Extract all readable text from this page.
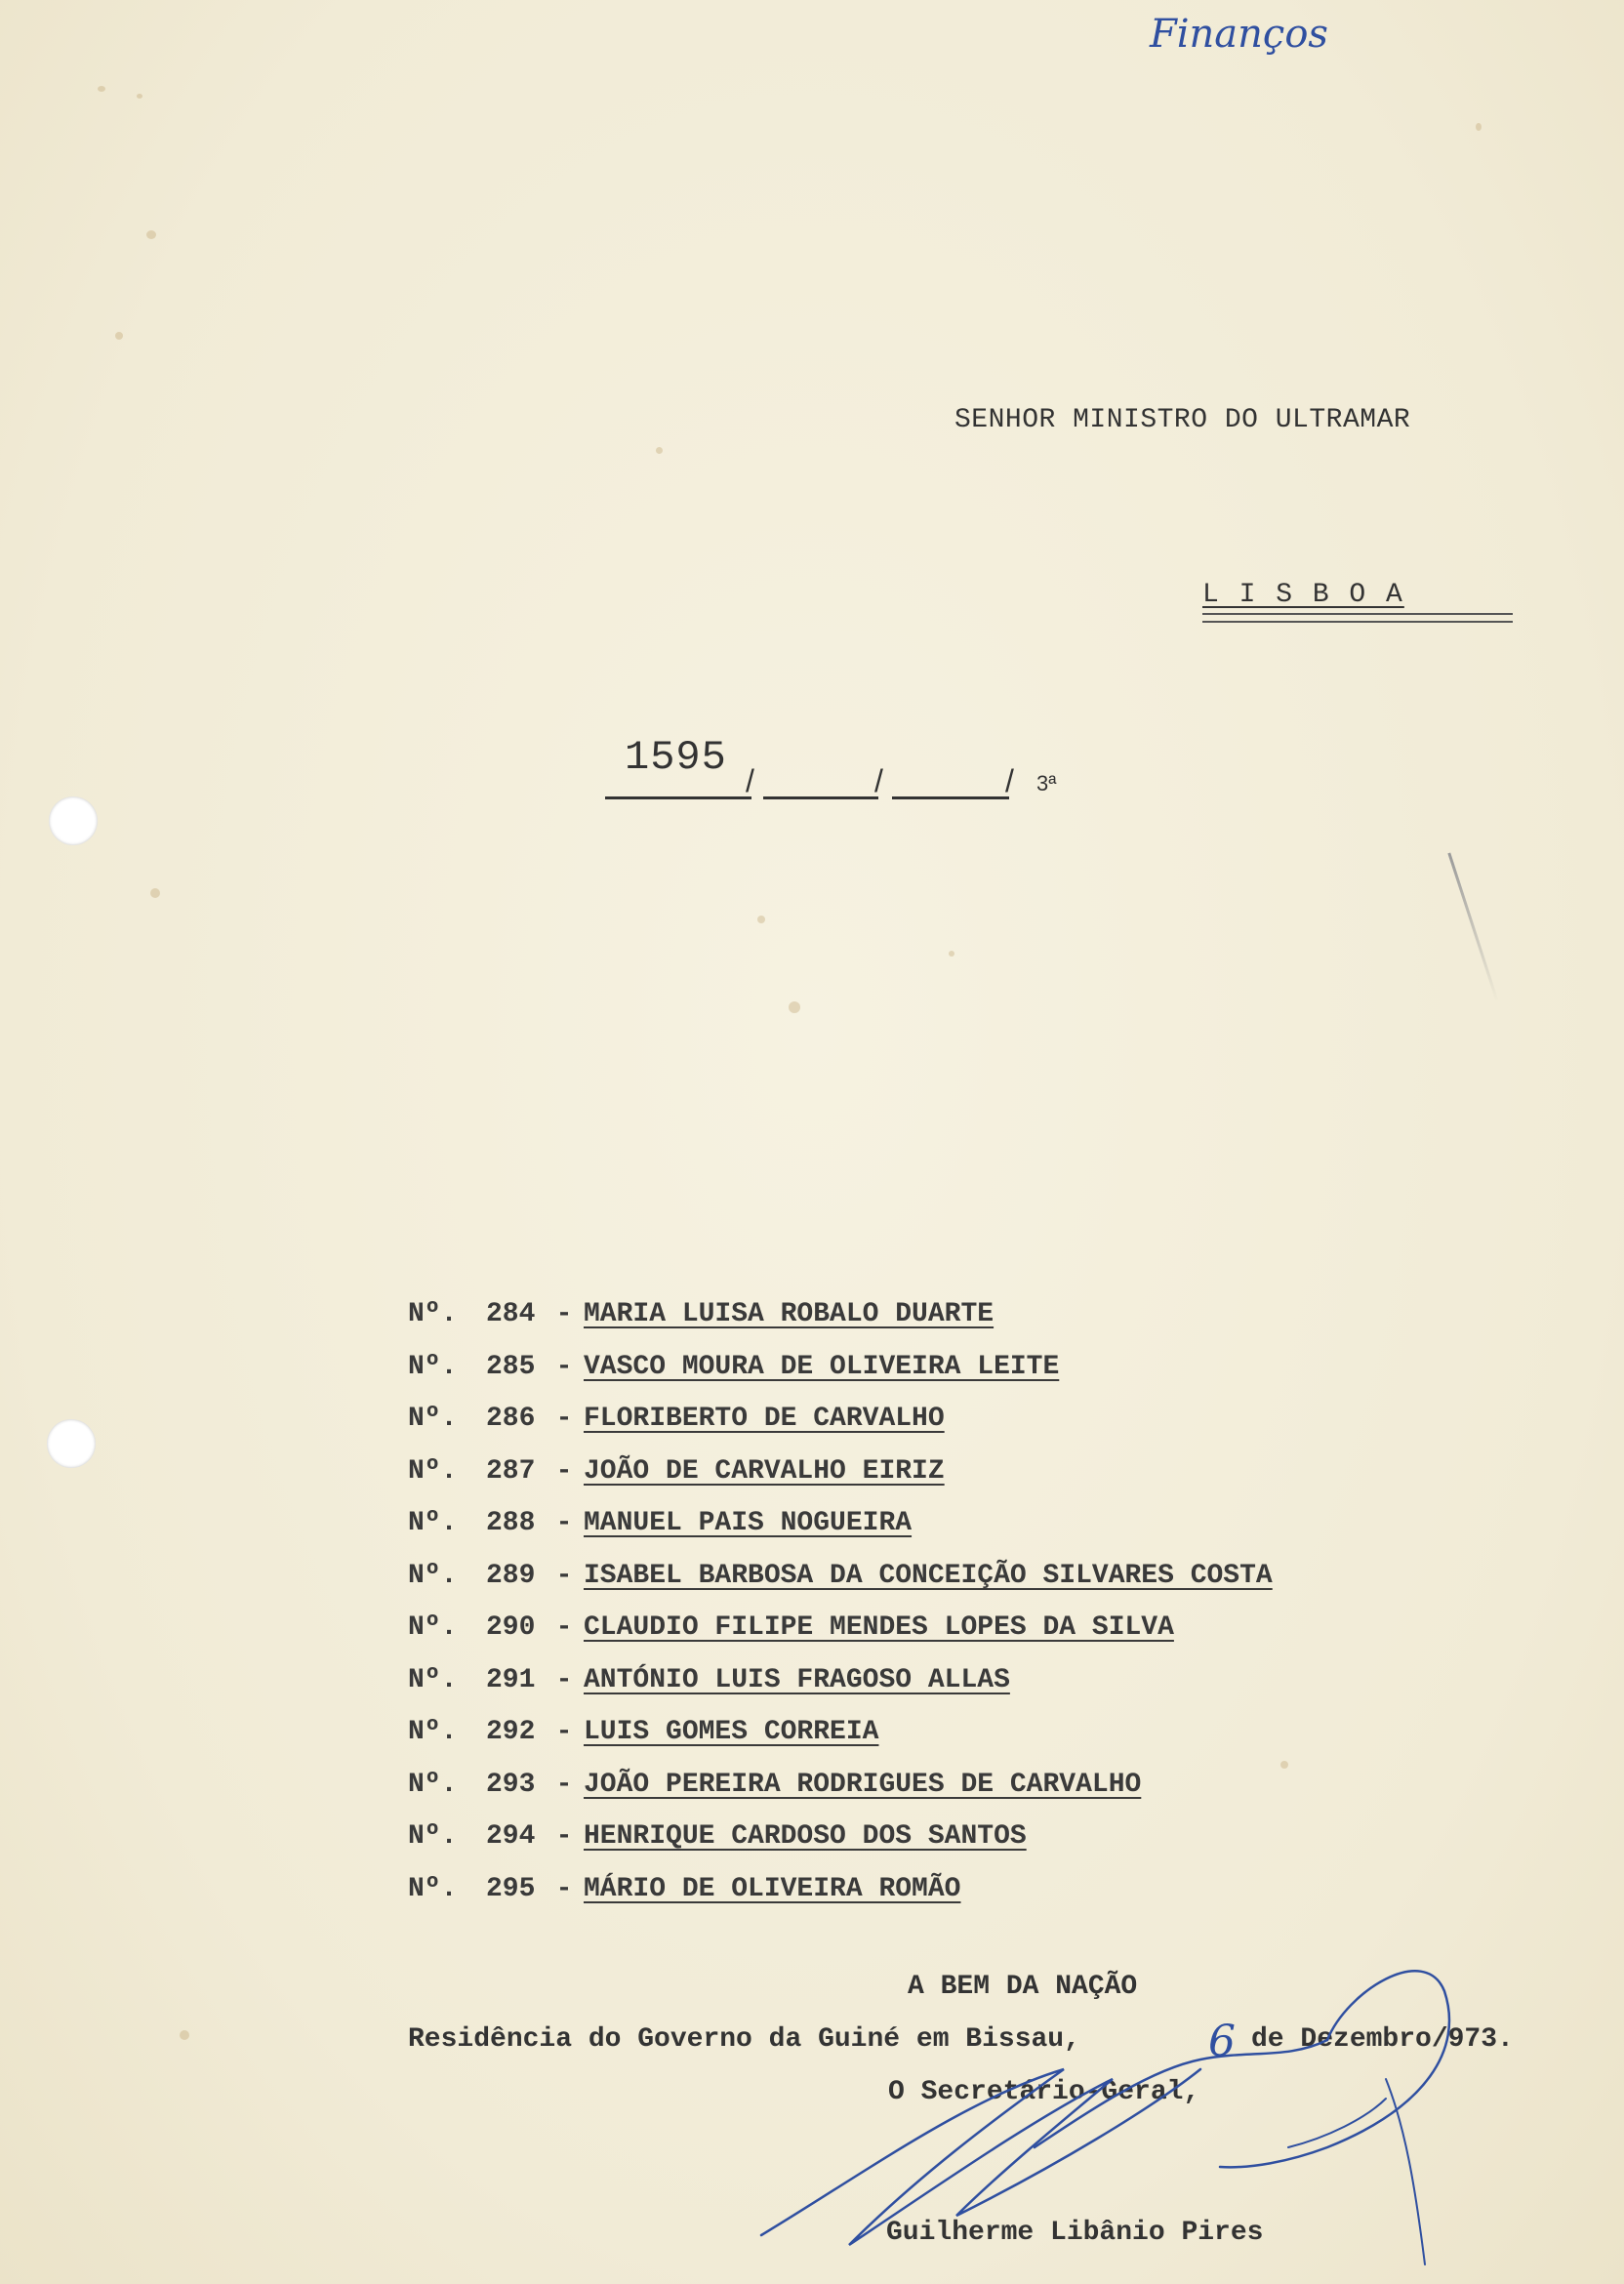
Finanços
SENHOR MINISTRO DO ULTRAMAR
L I S B O A
1595 /	/	/ 3ª
Nº.	284 - MARIA LUISA ROBALO DUARTE
Nº.	285 - VASCO MOURA DE OLIVEIRA LEITE
Nº.	286 - FLORIBERTO DE CARVALHO
Nº.	287 - JOÃO DE CARVALHO EIRIZ
Nº.	288 - MANUEL PAIS NOGUEIRA
Nº.	289 - ISABEL BARBOSA DA CONCEIÇÃO SILVARES COSTA
Nº.	290 - CLAUDIO FILIPE MENDES LOPES DA SILVA
Nº.	291 - ANTÓNIO LUIS FRAGOSO ALLAS
Nº.	292 - LUIS GOMES CORREIA
Nº.	293 - JOÃO PEREIRA RODRIGUES DE CARVALHO
Nº.	294 - HENRIQUE CARDOSO DOS SANTOS
Nº.	295 - MÁRIO DE OLIVEIRA ROMÃO
A BEM DA NAÇÃO
Residência do Governo da Guiné em Bissau,	6 de Dezembro/973.
O Secretário-Geral,
Guilherme Libânio Pires
